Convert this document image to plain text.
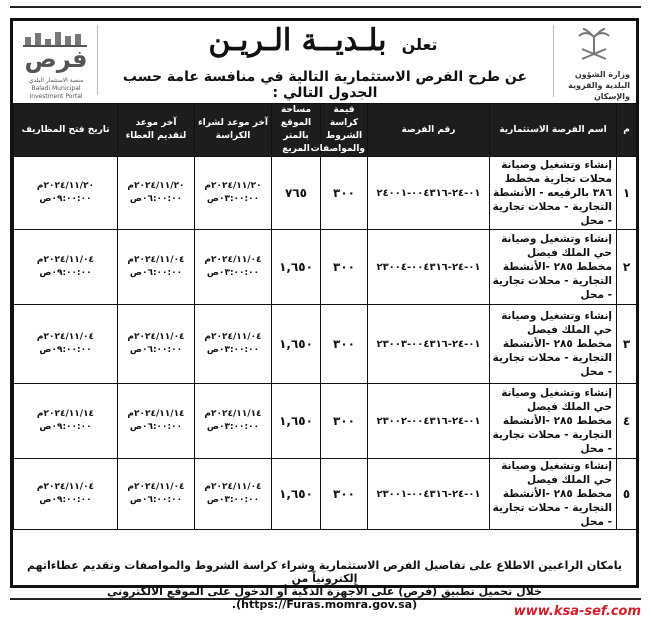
فرص
منصة الاستثمار البلدي Baladi Municipal Investment Portal
تعلن بلـديــة الـريـن
عن طرح الفرص الاستثمارية التالية في منافسة عامة حسب الجدول التالي :
وزارة الشؤون البلدية والقروية والإسكان
م	اسم الفرصة الاستثمارية	رقم الفرصة	قيمة كراسة الشروط والمواصفات	مساحة الموقع بالمتر المربع	آخر موعد لشراء الكراسة	آخر موعد لتقديم العطاء	تاريخ فتح المظاريف
١	إنشاء وتشغيل وصيانة محلات تجارية مخطط ٣٨٦ بالرفيعه - الأنشطة التجارية - محلات تجارية - محل	٠١-٢٤-٠٠٤٣١٦-٢٤٠٠١	٣٠٠	٧٦٥	٢٠٢٤/١١/٢٠م ٠٣:٠٠:٠٠ص	٢٠٢٤/١١/٢٠م ٠٦:٠٠:٠٠ص	٢٠٢٤/١١/٢٠م ٠٩:٠٠:٠٠ص
٢	إنشاء وتشغيل وصيانة حي الملك فيصل مخطط ٢٨٥ -الأنشطة التجارية - محلات تجارية - محل	٠١-٢٤-٠٠٤٣١٦-٢٣٠٠٤	٣٠٠	١,٦٥٠	٢٠٢٤/١١/٠٤م ٠٣:٠٠:٠٠ص	٢٠٢٤/١١/٠٤م ٠٦:٠٠:٠٠ص	٢٠٢٤/١١/٠٤م ٠٩:٠٠:٠٠ص
٣	إنشاء وتشغيل وصيانة حي الملك فيصل مخطط ٢٨٥ -الأنشطة التجارية - محلات تجارية - محل	٠١-٢٤-٠٠٤٣١٦-٢٣٠٠٣	٣٠٠	١,٦٥٠	٢٠٢٤/١١/٠٤م ٠٣:٠٠:٠٠ص	٢٠٢٤/١١/٠٤م ٠٦:٠٠:٠٠ص	٢٠٢٤/١١/٠٤م ٠٩:٠٠:٠٠ص
٤	إنشاء وتشغيل وصيانة حي الملك فيصل مخطط ٢٨٥ -الأنشطة التجارية - محلات تجارية - محل	٠١-٢٤-٠٠٤٣١٦-٢٣٠٠٢	٣٠٠	١,٦٥٠	٢٠٢٤/١١/١٤م ٠٣:٠٠:٠٠ص	٢٠٢٤/١١/١٤م ٠٦:٠٠:٠٠ص	٢٠٢٤/١١/١٤م ٠٩:٠٠:٠٠ص
٥	إنشاء وتشغيل وصيانة حي الملك فيصل مخطط ٢٨٥ -الأنشطة التجارية - محلات تجارية - محل	٠١-٢٤-٠٠٤٣١٦-٢٣٠٠١	٣٠٠	١,٦٥٠	٢٠٢٤/١١/٠٤م ٠٣:٠٠:٠٠ص	٢٠٢٤/١١/٠٤م ٠٦:٠٠:٠٠ص	٢٠٢٤/١١/٠٤م ٠٩:٠٠:٠٠ص
يامكان الراغبين الاطلاع على تفاصيل الفرص الاستثمارية وشراء كراسة الشروط والمواصفات وتقديم عطاءاتهم إلكترونياً من
خلال تحميل تطبيق (فرص) على الأجهزة الذكية أو الدخول على الموقع الالكتروني (https://Furas.momra.gov.sa).	www.ksa-sef.com
